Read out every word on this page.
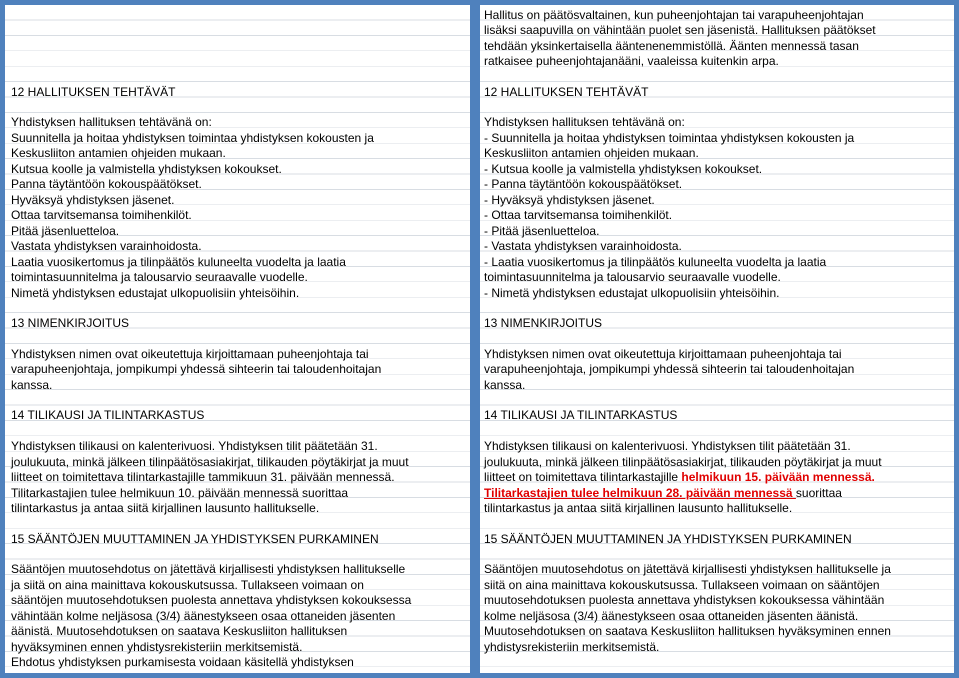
12 HALLITUKSEN TEHTÄVÄT
Yhdistyksen hallituksen tehtävänä on:
Suunnitella ja hoitaa yhdistyksen toimintaa yhdistyksen kokousten ja
Keskusliiton antamien ohjeiden mukaan.
Kutsua koolle ja valmistella yhdistyksen kokoukset.
Panna täytäntöön kokouspäätökset.
Hyväksyä yhdistyksen jäsenet.
Ottaa tarvitsemansa toimihenkilöt.
Pitää jäsenluetteloa.
Vastata yhdistyksen varainhoidosta.
Laatia vuosikertomus ja tilinpäätös kuluneelta vuodelta ja laatia
toimintasuunnitelma ja talousarvio seuraavalle vuodelle.
Nimetä yhdistyksen edustajat ulkopuolisiin yhteisöihin.
13 NIMENKIRJOITUS
Yhdistyksen nimen ovat oikeutettuja kirjoittamaan puheenjohtaja tai
varapuheenjohtaja, jompikumpi yhdessä sihteerin tai taloudenhoitajan
kanssa.
14 TILIKAUSI JA TILINTARKASTUS
Yhdistyksen tilikausi on kalenterivuosi. Yhdistyksen tilit päätetään 31.
joulukuuta, minkä jälkeen tilinpäätösasiakirjat, tilikauden pöytäkirjat ja muut
liitteet on toimitettava tilintarkastajille tammikuun 31. päivään mennessä.
Tilitarkastajien tulee helmikuun 10. päivään mennessä suorittaa
tilintarkastus ja antaa siitä kirjallinen lausunto hallitukselle.
15 SÄÄNTÖJEN MUUTTAMINEN JA YHDISTYKSEN PURKAMINEN
Sääntöjen muutosehdotus on jätettävä kirjallisesti yhdistyksen hallitukselle
ja siitä on aina mainittava kokouskutsussa. Tullakseen voimaan on
sääntöjen muutosehdotuksen puolesta annettava yhdistyksen kokouksessa
vähintään kolme neljäsosa (3/4) äänestykseen osaa ottaneiden jäsenten
äänistä. Muutosehdotuksen on saatava Keskusliiton hallituksen
hyväksyminen ennen yhdistysrekisteriin merkitsemistä.
Ehdotus yhdistyksen purkamisesta voidaan käsitellä yhdistyksen
Hallitus on päätösvaltainen, kun puheenjohtajan tai varapuheenjohtajan
lisäksi saapuvilla on vähintään puolet sen jäsenistä. Hallituksen päätökset
tehdään yksinkertaisella ääntenenemmistöllä. Äänten mennessä tasan
ratkaisee puheenjohtajanääni, vaaleissa kuitenkin arpa.
12 HALLITUKSEN TEHTÄVÄT
Yhdistyksen hallituksen tehtävänä on:
- Suunnitella ja hoitaa yhdistyksen toimintaa yhdistyksen kokousten ja
Keskusliiton antamien ohjeiden mukaan.
- Kutsua koolle ja valmistella yhdistyksen kokoukset.
- Panna täytäntöön kokouspäätökset.
- Hyväksyä yhdistyksen jäsenet.
- Ottaa tarvitsemansa toimihenkilöt.
- Pitää jäsenluetteloa.
- Vastata yhdistyksen varainhoidosta.
- Laatia vuosikertomus ja tilinpäätös kuluneelta vuodelta ja laatia
toimintasuunnitelma ja talousarvio seuraavalle vuodelle.
- Nimetä yhdistyksen edustajat ulkopuolisiin yhteisöihin.
13 NIMENKIRJOITUS
Yhdistyksen nimen ovat oikeutettuja kirjoittamaan puheenjohtaja tai
varapuheenjohtaja, jompikumpi yhdessä sihteerin tai taloudenhoitajan
kanssa.
14 TILIKAUSI JA TILINTARKASTUS
Yhdistyksen tilikausi on kalenterivuosi. Yhdistyksen tilit päätetään 31.
joulukuuta, minkä jälkeen tilinpäätösasiakirjat, tilikauden pöytäkirjat ja muut
liitteet on toimitettava tilintarkastajille helmikuun 15. päivään mennessä.
Tilitarkastajien tulee helmikuun 28. päivään mennessä suorittaa
tilintarkastus ja antaa siitä kirjallinen lausunto hallitukselle.
15 SÄÄNTÖJEN MUUTTAMINEN JA YHDISTYKSEN PURKAMINEN
Sääntöjen muutosehdotus on jätettävä kirjallisesti yhdistyksen hallitukselle ja
siitä on aina mainittava kokouskutsussa. Tullakseen voimaan on sääntöjen
muutosehdotuksen puolesta annettava yhdistyksen kokouksessa vähintään
kolme neljäsosa (3/4) äänestykseen osaa ottaneiden jäsenten äänistä.
Muutosehdotuksen on saatava Keskusliiton hallituksen hyväksyminen ennen
yhdistysrekisteriin merkitsemistä.
